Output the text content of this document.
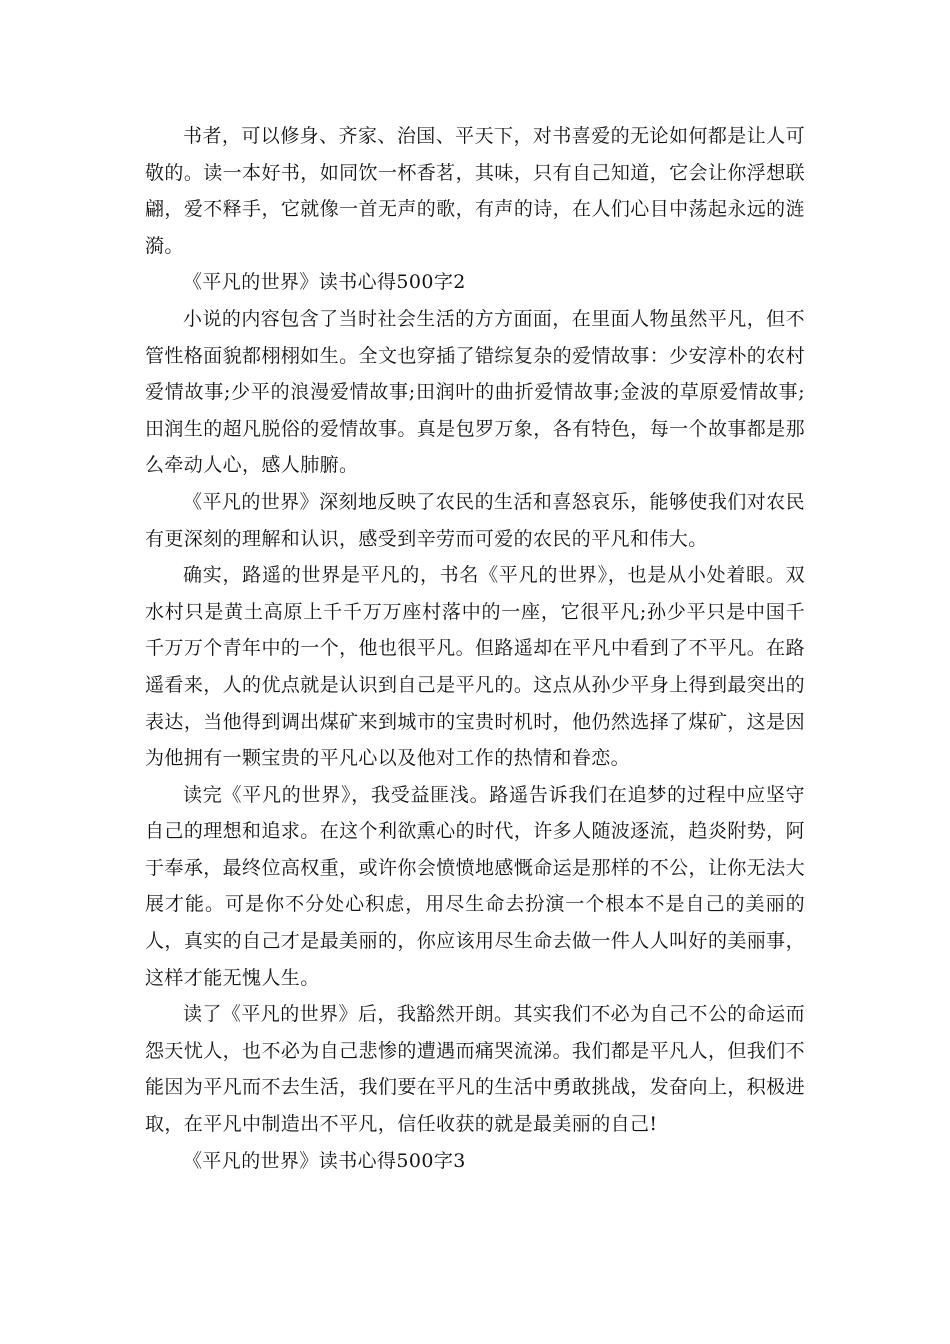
书者，可以修身、齐家、治国、平天下，对书喜爱的无论如何都是让人可敬的。读一本好书，如同饮一杯香茗，其味，只有自己知道，它会让你浮想联翩，爱不释手，它就像一首无声的歌，有声的诗，在人们心目中荡起永远的涟漪。

《平凡的世界》读书心得500字2

小说的内容包含了当时社会生活的方方面面，在里面人物虽然平凡，但不管性格面貌都栩栩如生。全文也穿插了错综复杂的爱情故事：少安淳朴的农村爱情故事;少平的浪漫爱情故事;田润叶的曲折爱情故事;金波的草原爱情故事;田润生的超凡脱俗的爱情故事。真是包罗万象，各有特色，每一个故事都是那么牵动人心，感人肺腑。

《平凡的世界》深刻地反映了农民的生活和喜怒哀乐，能够使我们对农民有更深刻的理解和认识，感受到辛劳而可爱的农民的平凡和伟大。

确实，路遥的世界是平凡的，书名《平凡的世界》，也是从小处着眼。双水村只是黄土高原上千千万万座村落中的一座，它很平凡;孙少平只是中国千千万万个青年中的一个，他也很平凡。但路遥却在平凡中看到了不平凡。在路遥看来，人的优点就是认识到自己是平凡的。这点从孙少平身上得到最突出的表达，当他得到调出煤矿来到城市的宝贵时机时，他仍然选择了煤矿，这是因为他拥有一颗宝贵的平凡心以及他对工作的热情和眷恋。

读完《平凡的世界》，我受益匪浅。路遥告诉我们在追梦的过程中应坚守自己的理想和追求。在这个利欲熏心的时代，许多人随波逐流，趋炎附势，阿于奉承，最终位高权重，或许你会愤愤地感慨命运是那样的不公，让你无法大展才能。可是你不分处心积虑，用尽生命去扮演一个根本不是自己的美丽的人，真实的自己才是最美丽的，你应该用尽生命去做一件人人叫好的美丽事，这样才能无愧人生。

读了《平凡的世界》后，我豁然开朗。其实我们不必为自己不公的命运而怨天忧人，也不必为自己悲惨的遭遇而痛哭流涕。我们都是平凡人，但我们不能因为平凡而不去生活，我们要在平凡的生活中勇敢挑战，发奋向上，积极进取，在平凡中制造出不平凡，信任收获的就是最美丽的自己!

《平凡的世界》读书心得500字3
